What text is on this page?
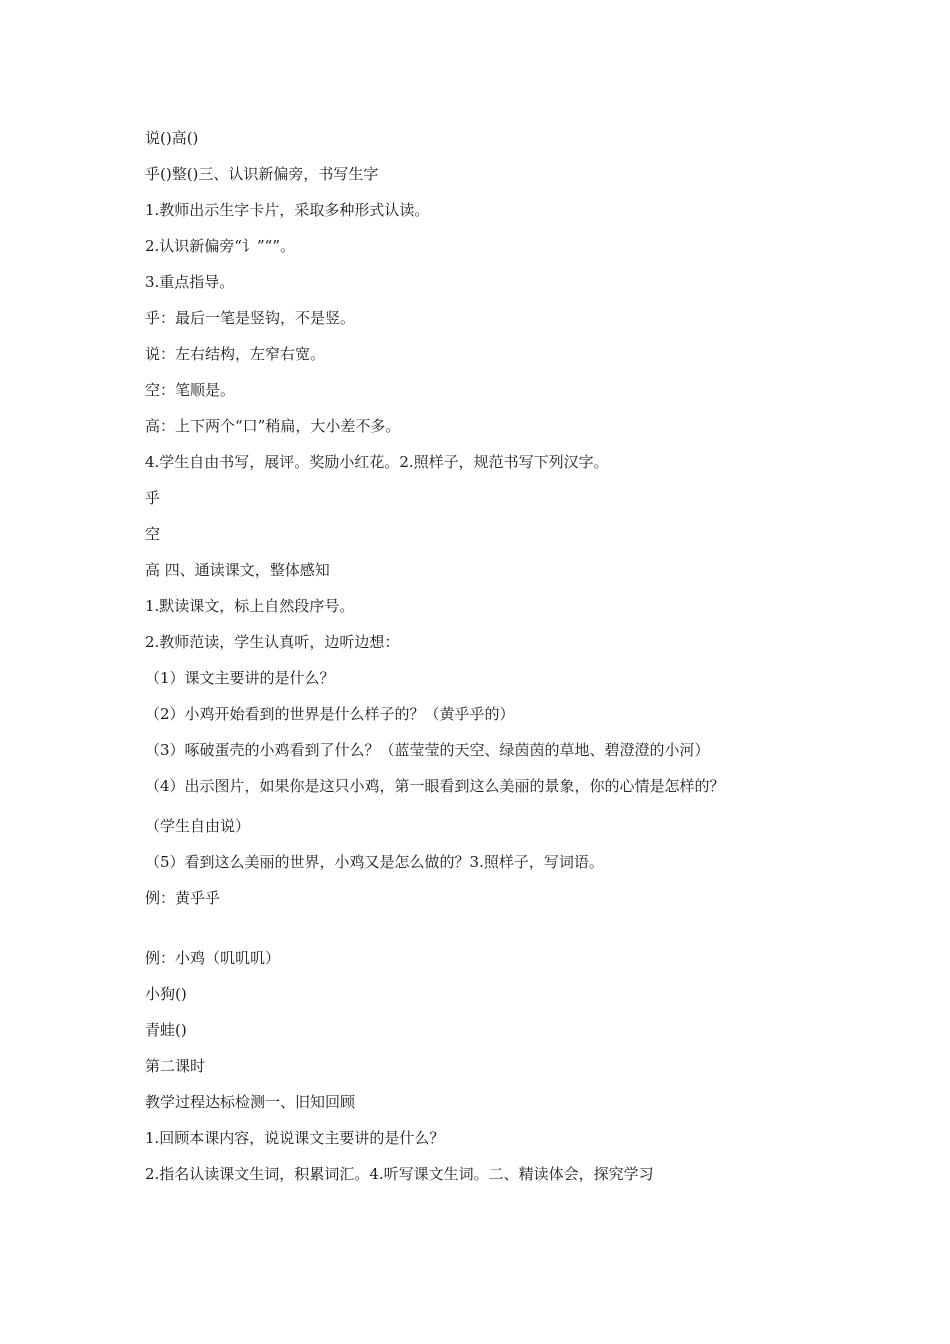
说()高()
乎()整()三、认识新偏旁，书写生字
1.教师出示生字卡片，采取多种形式认读。
2.认识新偏旁“讠”“”。
3.重点指导。
乎：最后一笔是竖钩，不是竖。
说：左右结构，左窄右宽。
空：笔顺是。
高：上下两个“口”稍扁，大小差不多。
4.学生自由书写，展评。奖励小红花。2.照样子，规范书写下列汉字。
乎
空
高 四、通读课文，整体感知
1.默读课文，标上自然段序号。
2.教师范读，学生认真听，边听边想：
（1）课文主要讲的是什么？
（2）小鸡开始看到的世界是什么样子的？（黄乎乎的）
（3）啄破蛋壳的小鸡看到了什么？（蓝莹莹的天空、绿茵茵的草地、碧澄澄的小河）
（4）出示图片，如果你是这只小鸡，第一眼看到这么美丽的景象，你的心情是怎样的？
（学生自由说）
（5）看到这么美丽的世界，小鸡又是怎么做的？3.照样子，写词语。
例：黄乎乎
例：小鸡（叽叽叽）
小狗()
青蛙()
第二课时
教学过程达标检测一、旧知回顾
1.回顾本课内容，说说课文主要讲的是什么？
2.指名认读课文生词，积累词汇。4.听写课文生词。二、精读体会，探究学习
